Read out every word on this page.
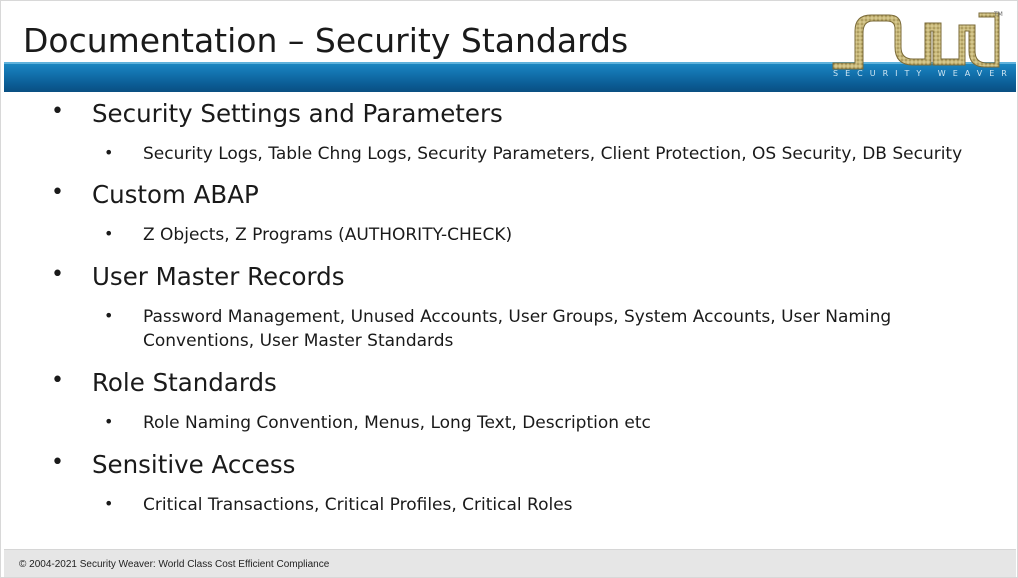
Documentation – Security Standards
TM
SECURITY WEAVER
• Security Settings and Parameters
• Security Logs, Table Chng Logs, Security Parameters, Client Protection, OS Security, DB Security
• Custom ABAP
• Z Objects, Z Programs (AUTHORITY-CHECK)
• User Master Records
• Password Management, Unused Accounts, User Groups, System Accounts, User Naming Conventions, User Master Standards
• Role Standards
• Role Naming Convention, Menus, Long Text, Description etc
• Sensitive Access
• Critical Transactions, Critical Profiles, Critical Roles
© 2004-2021 Security Weaver: World Class Cost Efficient Compliance
